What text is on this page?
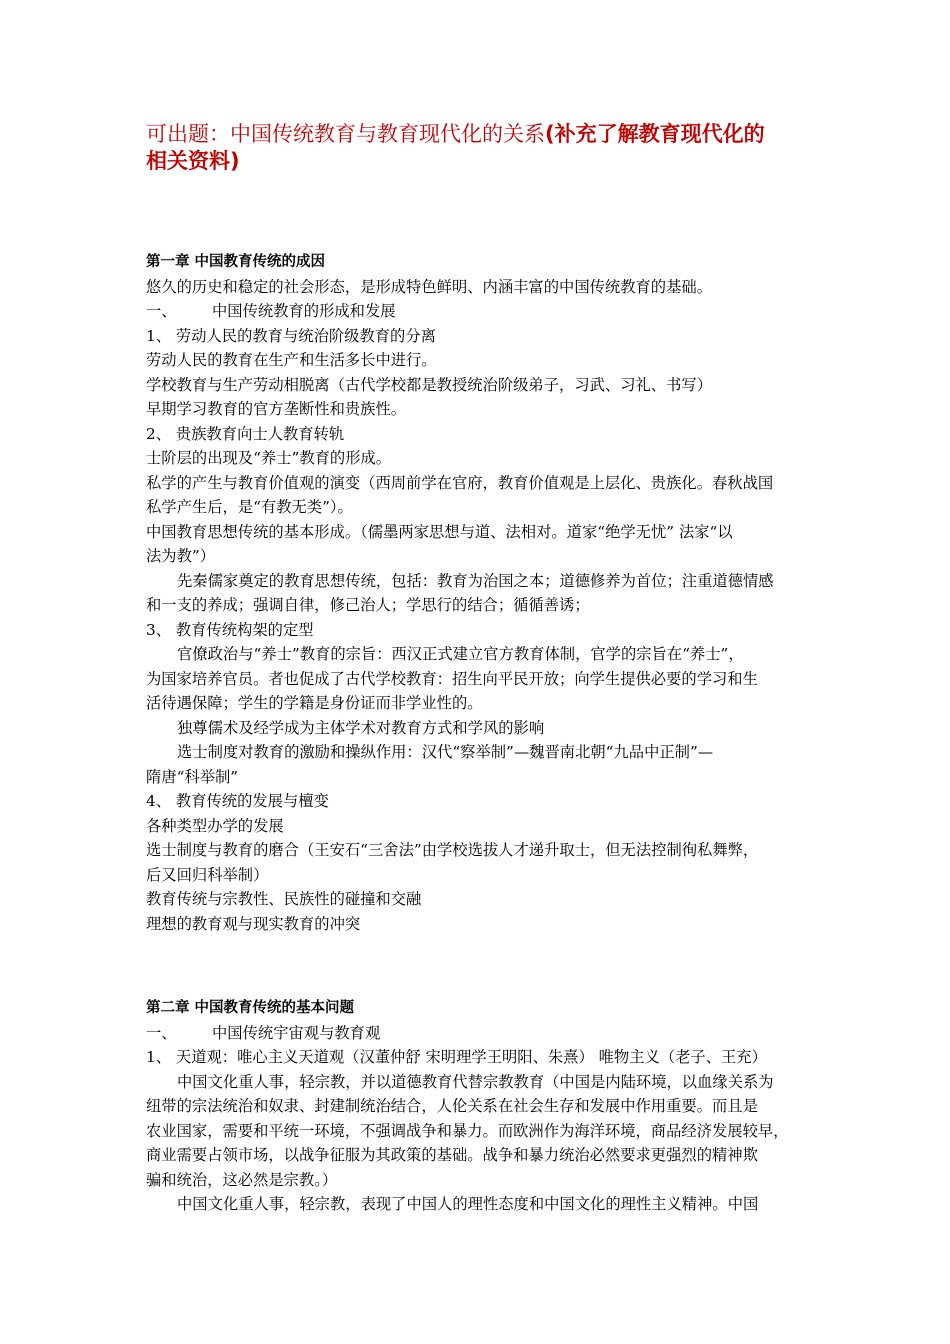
可出题：中国传统教育与教育现代化的关系(补充了解教育现代化的
相关资料)
第一章 中国教育传统的成因
悠久的历史和稳定的社会形态，是形成特色鲜明、内涵丰富的中国传统教育的基础。
一、	中国传统教育的形成和发展
1、 劳动人民的教育与统治阶级教育的分离
劳动人民的教育在生产和生活多长中进行。
学校教育与生产劳动相脱离（古代学校都是教授统治阶级弟子，习武、习礼、书写）
早期学习教育的官方垄断性和贵族性。
2、 贵族教育向士人教育转轨
士阶层的出现及“养士”教育的形成。
私学的产生与教育价值观的演变（西周前学在官府，教育价值观是上层化、贵族化。春秋战国
私学产生后，是“有教无类”）。
中国教育思想传统的基本形成。（儒墨两家思想与道、法相对。道家“绝学无忧” 法家“以
法为教”）
先秦儒家奠定的教育思想传统，包括：教育为治国之本；道德修养为首位；注重道德情感
和一支的养成；强调自律，修己治人；学思行的结合；循循善诱；
3、 教育传统构架的定型
官僚政治与“养士”教育的宗旨：西汉正式建立官方教育体制，官学的宗旨在“养士”，
为国家培养官员。者也促成了古代学校教育：招生向平民开放；向学生提供必要的学习和生
活待遇保障；学生的学籍是身份证而非学业性的。
独尊儒术及经学成为主体学术对教育方式和学风的影响
选士制度对教育的激励和操纵作用：汉代“察举制”—魏晋南北朝“九品中正制”—
隋唐“科举制”
4、 教育传统的发展与檀变
各种类型办学的发展
选士制度与教育的磨合（王安石“三舍法”由学校选拔人才递升取士，但无法控制徇私舞弊，
后又回归科举制）
教育传统与宗教性、民族性的碰撞和交融
理想的教育观与现实教育的冲突
第二章 中国教育传统的基本问题
一、	中国传统宇宙观与教育观
1、 天道观：唯心主义天道观（汉董仲舒 宋明理学王明阳、朱熹） 唯物主义（老子、王充）
中国文化重人事，轻宗教，并以道德教育代替宗教教育（中国是内陆环境，以血缘关系为
纽带的宗法统治和奴隶、封建制统治结合，人伦关系在社会生存和发展中作用重要。而且是
农业国家，需要和平统一环境，不强调战争和暴力。而欧洲作为海洋环境，商品经济发展较早，
商业需要占领市场，以战争征服为其政策的基础。战争和暴力统治必然要求更强烈的精神欺
骗和统治，这必然是宗教。）
中国文化重人事，轻宗教，表现了中国人的理性态度和中国文化的理性主义精神。中国
